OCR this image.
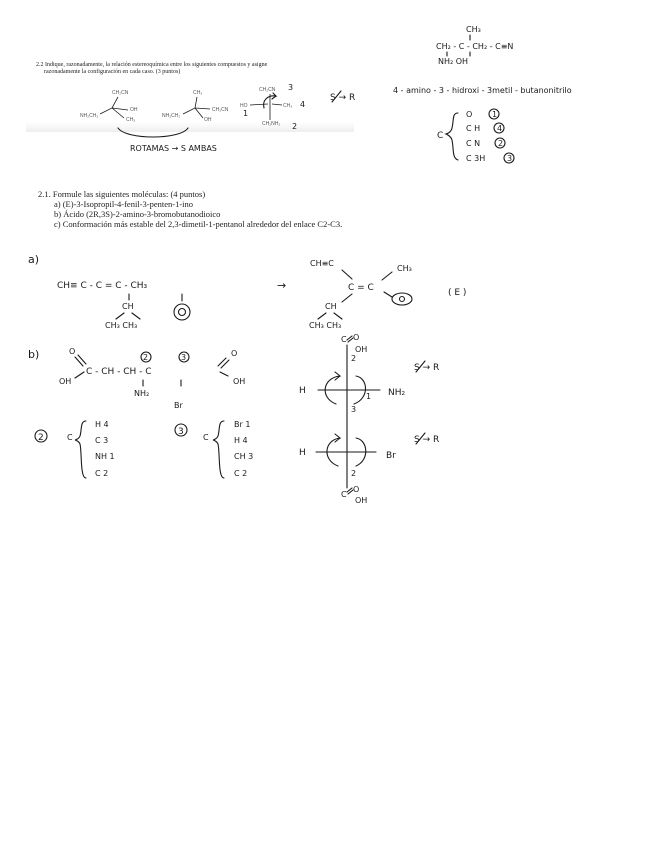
2.2 Indique, razonadamente, la relación estereoquímica entre los siguientes compuestos y asigne
razonadamente la configuración en cada caso. (3 puntos)
2.1. Formule las siguientes moléculas: (4 puntos)
a) (E)-3-Isopropil-4-fenil-3-penten-1-ino
b) Ácido (2R,3S)-2-amino-3-bromobutanodioico
c) Conformación más estable del 2,3-dimetil-1-pentanol alrededor del enlace C2-C3.
CH₂CN
NH₂CH₂
OH
CH₃
CH₃
NH₂CH₂
CH₂CN
OH
CH₂CN
HO	CH₃
CH₂NH₂
3
1
4
2
ROTAMAS → S AMBAS
S → R
CH₃
CH₂ - C - CH₂ - C≡N
NH₂ OH
4 - amino - 3 - hidroxi - 3metil - butanonitrilo
C
O 1
C H 4
C N 2
C 3H	3
a)
CH≡ C - C = C - CH₃
CH
CH₃ CH₃
→
CH≡C
CH₃
C = C
CH
CH₃ CH₃
( E )
b)	O
OH
C - CH - CH - C
2	3
NH₂
Br
O
OH
2	C
H 4
C 3
NH 1
C 2
3
C
Br 1
H 4
CH 3
C 2
C O
OH
C
O
OH
H	NH₂
H	Br
2
3
1
2
S → R
S → R
